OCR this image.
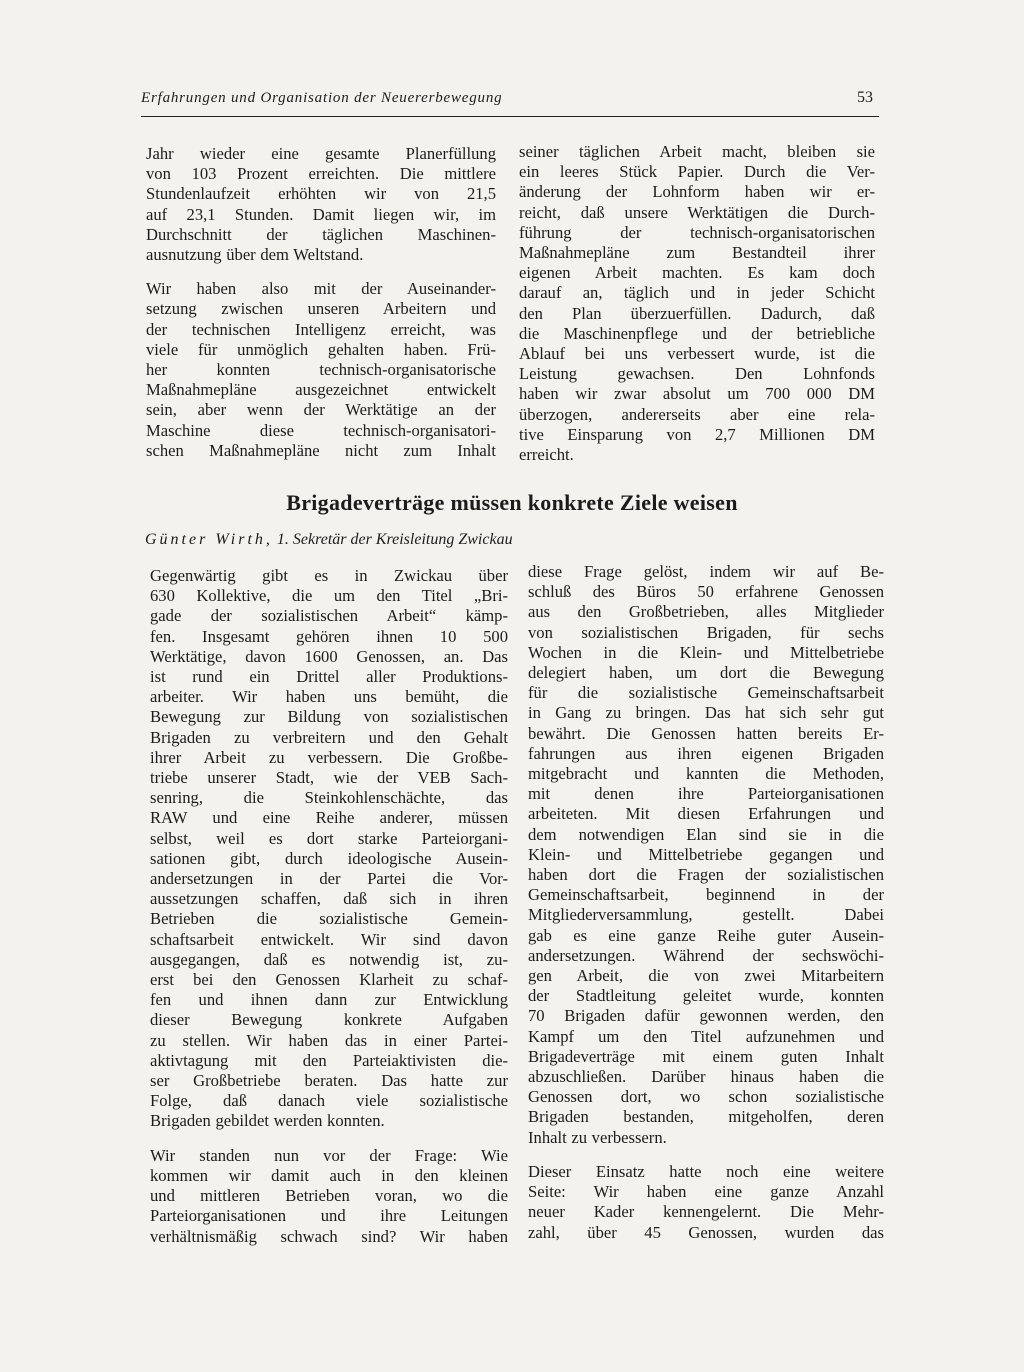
Erfahrungen und Organisation der Neuererbewegung	53

Jahr wieder eine gesamte Planerfüllung
von 103 Prozent erreichten. Die mittlere
Stundenlaufzeit erhöhten wir von 21,5
auf 23,1 Stunden. Damit liegen wir, im
Durchschnitt der täglichen Maschinen-
ausnutzung über dem Weltstand.

Wir haben also mit der Auseinander-
setzung zwischen unseren Arbeitern und
der technischen Intelligenz erreicht, was
viele für unmöglich gehalten haben. Frü-
her konnten technisch-organisatorische
Maßnahmepläne ausgezeichnet entwickelt
sein, aber wenn der Werktätige an der
Maschine diese technisch-organisatori-
schen Maßnahmepläne nicht zum Inhalt

seiner täglichen Arbeit macht, bleiben sie
ein leeres Stück Papier. Durch die Ver-
änderung der Lohnform haben wir er-
reicht, daß unsere Werktätigen die Durch-
führung der technisch-organisatorischen
Maßnahmepläne zum Bestandteil ihrer
eigenen Arbeit machten. Es kam doch
darauf an, täglich und in jeder Schicht
den Plan überzuerfüllen. Dadurch, daß
die Maschinenpflege und der betriebliche
Ablauf bei uns verbessert wurde, ist die
Leistung gewachsen. Den Lohnfonds
haben wir zwar absolut um 700 000 DM
überzogen, andererseits aber eine rela-
tive Einsparung von 2,7 Millionen DM
erreicht.

Brigadeverträge müssen konkrete Ziele weisen
Günter Wirth, 1. Sekretär der Kreisleitung Zwickau

Gegenwärtig gibt es in Zwickau über
630 Kollektive, die um den Titel „Bri-
gade der sozialistischen Arbeit“ kämp-
fen. Insgesamt gehören ihnen 10 500
Werktätige, davon 1600 Genossen, an. Das
ist rund ein Drittel aller Produktions-
arbeiter. Wir haben uns bemüht, die
Bewegung zur Bildung von sozialistischen
Brigaden zu verbreitern und den Gehalt
ihrer Arbeit zu verbessern. Die Großbe-
triebe unserer Stadt, wie der VEB Sach-
senring, die Steinkohlenschächte, das
RAW und eine Reihe anderer, müssen
selbst, weil es dort starke Parteiorgani-
sationen gibt, durch ideologische Ausein-
andersetzungen in der Partei die Vor-
aussetzungen schaffen, daß sich in ihren
Betrieben die sozialistische Gemein-
schaftsarbeit entwickelt. Wir sind davon
ausgegangen, daß es notwendig ist, zu-
erst bei den Genossen Klarheit zu schaf-
fen und ihnen dann zur Entwicklung
dieser Bewegung konkrete Aufgaben
zu stellen. Wir haben das in einer Partei-
aktivtagung mit den Parteiaktivisten die-
ser Großbetriebe beraten. Das hatte zur
Folge, daß danach viele sozialistische
Brigaden gebildet werden konnten.

Wir standen nun vor der Frage: Wie
kommen wir damit auch in den kleinen
und mittleren Betrieben voran, wo die
Parteiorganisationen und ihre Leitungen
verhältnismäßig schwach sind? Wir haben

diese Frage gelöst, indem wir auf Be-
schluß des Büros 50 erfahrene Genossen
aus den Großbetrieben, alles Mitglieder
von sozialistischen Brigaden, für sechs
Wochen in die Klein- und Mittelbetriebe
delegiert haben, um dort die Bewegung
für die sozialistische Gemeinschaftsarbeit
in Gang zu bringen. Das hat sich sehr gut
bewährt. Die Genossen hatten bereits Er-
fahrungen aus ihren eigenen Brigaden
mitgebracht und kannten die Methoden,
mit denen ihre Parteiorganisationen
arbeiteten. Mit diesen Erfahrungen und
dem notwendigen Elan sind sie in die
Klein- und Mittelbetriebe gegangen und
haben dort die Fragen der sozialistischen
Gemeinschaftsarbeit, beginnend in der
Mitgliederversammlung, gestellt. Dabei
gab es eine ganze Reihe guter Ausein-
andersetzungen. Während der sechswöchi-
gen Arbeit, die von zwei Mitarbeitern
der Stadtleitung geleitet wurde, konnten
70 Brigaden dafür gewonnen werden, den
Kampf um den Titel aufzunehmen und
Brigadeverträge mit einem guten Inhalt
abzuschließen. Darüber hinaus haben die
Genossen dort, wo schon sozialistische
Brigaden bestanden, mitgeholfen, deren
Inhalt zu verbessern.

Dieser Einsatz hatte noch eine weitere
Seite: Wir haben eine ganze Anzahl
neuer Kader kennengelernt. Die Mehr-
zahl, über 45 Genossen, wurden das
